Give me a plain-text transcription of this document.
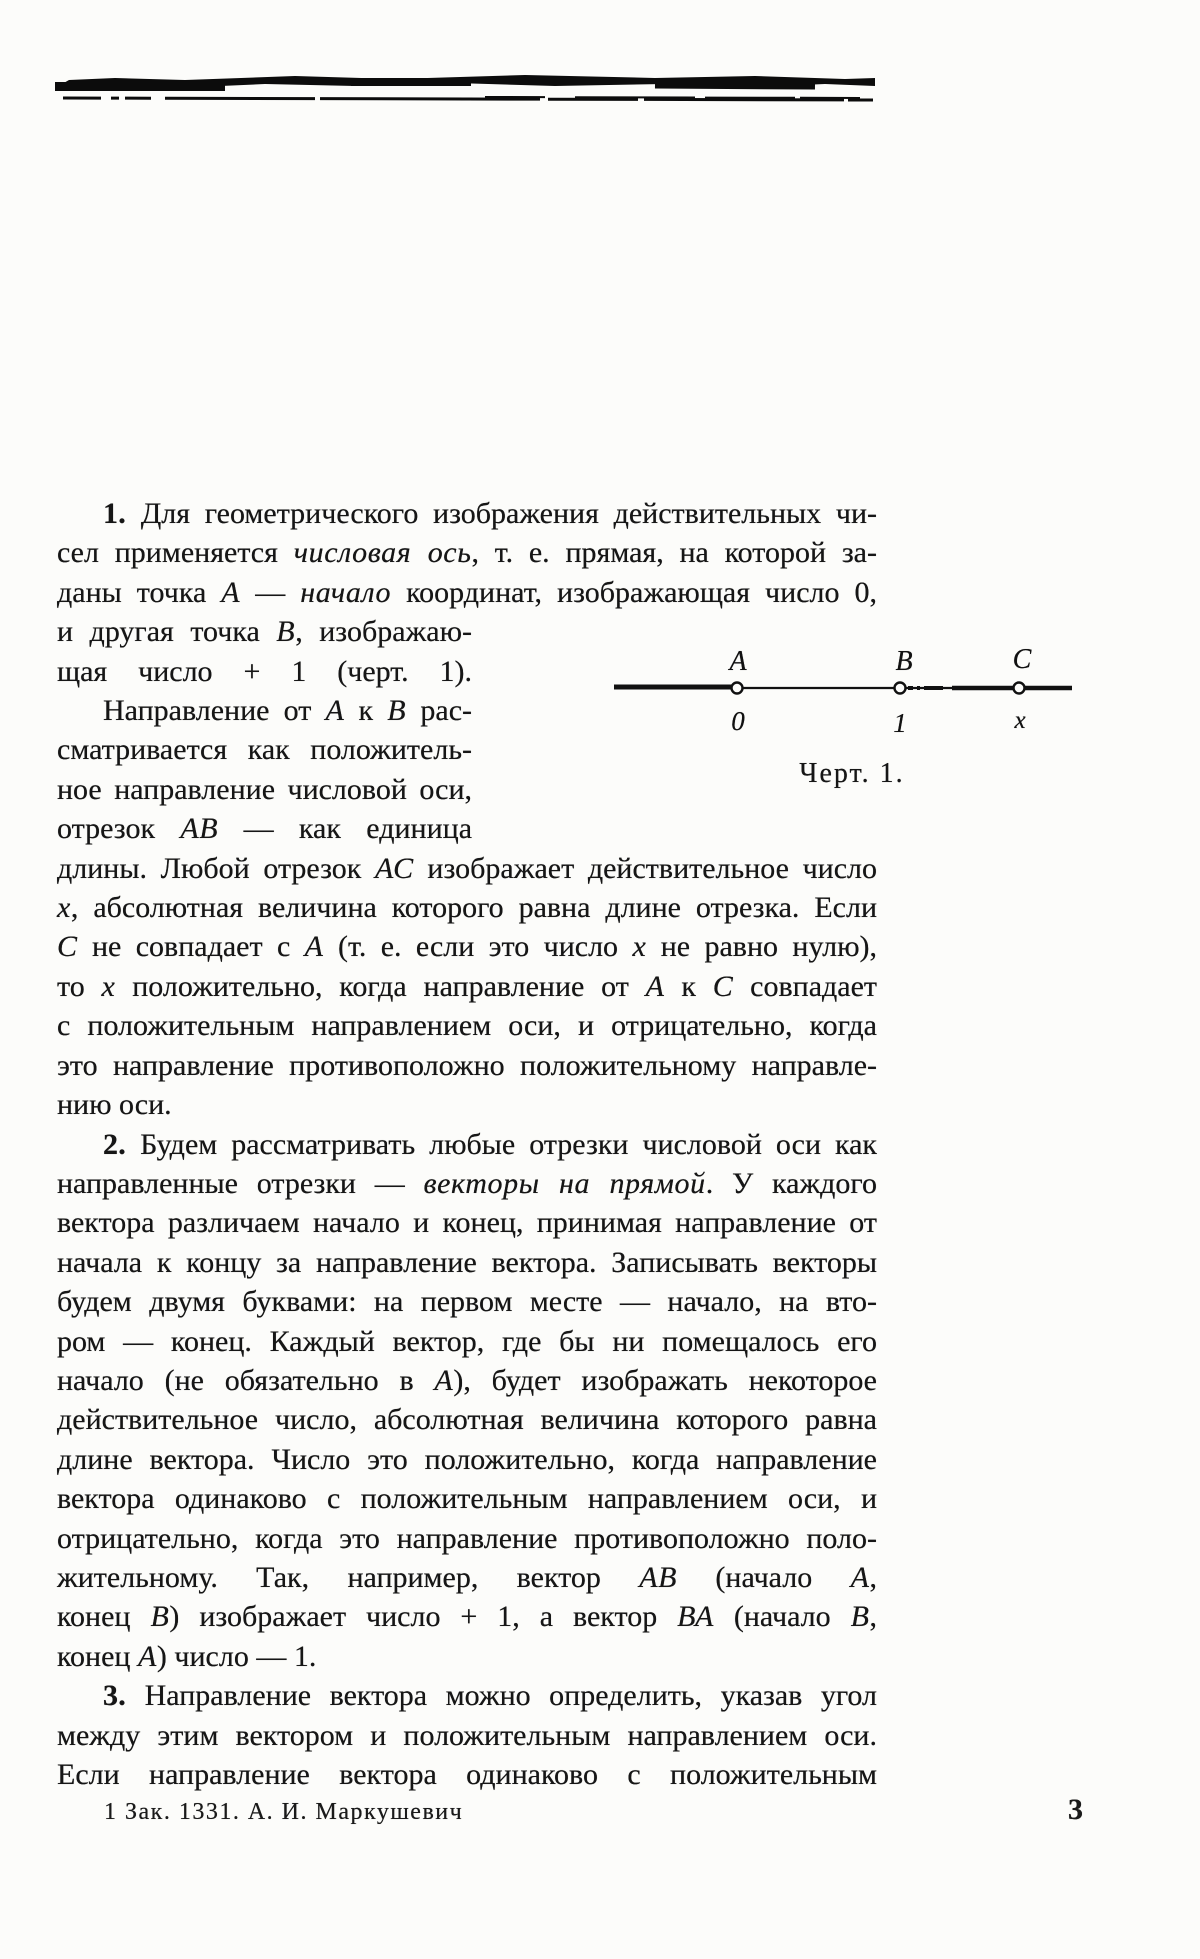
1. Для геометрического изображения действительных чи-
сел применяется числовая ось, т. е. прямая, на которой за-
даны точка А — начало координат, изображающая число 0,
и другая точка В, изображаю-
щая число + 1 (черт. 1).
Направление от А к В рас-
сматривается как положитель-
ное направление числовой оси,
отрезок АВ — как единица
длины. Любой отрезок АС изображает действительное число
х, абсолютная величина которого равна длине отрезка. Если
С не совпадает с А (т. е. если это число х не равно нулю),
то х положительно, когда направление от А к С совпадает
с положительным направлением оси, и отрицательно, когда
это направление противоположно положительному направле-
нию оси.
2. Будем рассматривать любые отрезки числовой оси как
направленные отрезки — векторы на прямой. У каждого
вектора различаем начало и конец, принимая направление от
начала к концу за направление вектора. Записывать векторы
будем двумя буквами: на первом месте — начало, на вто-
ром — конец. Каждый вектор, где бы ни помещалось его
начало (не обязательно в А), будет изображать некоторое
действительное число, абсолютная величина которого равна
длине вектора. Число это положительно, когда направление
вектора одинаково с положительным направлением оси, и
отрицательно, когда это направление противоположно поло-
жительному. Так, например, вектор АВ (начало А,
конец В) изображает число + 1, а вектор ВА (начало В,
конец А) число — 1.
3. Направление вектора можно определить, указав угол
между этим вектором и положительным направлением оси.
Если направление вектора одинаково с положительным
A	B	C
0	1	x
Черт. 1.
1 Зак. 1331. А. И. Маркушевич	3
